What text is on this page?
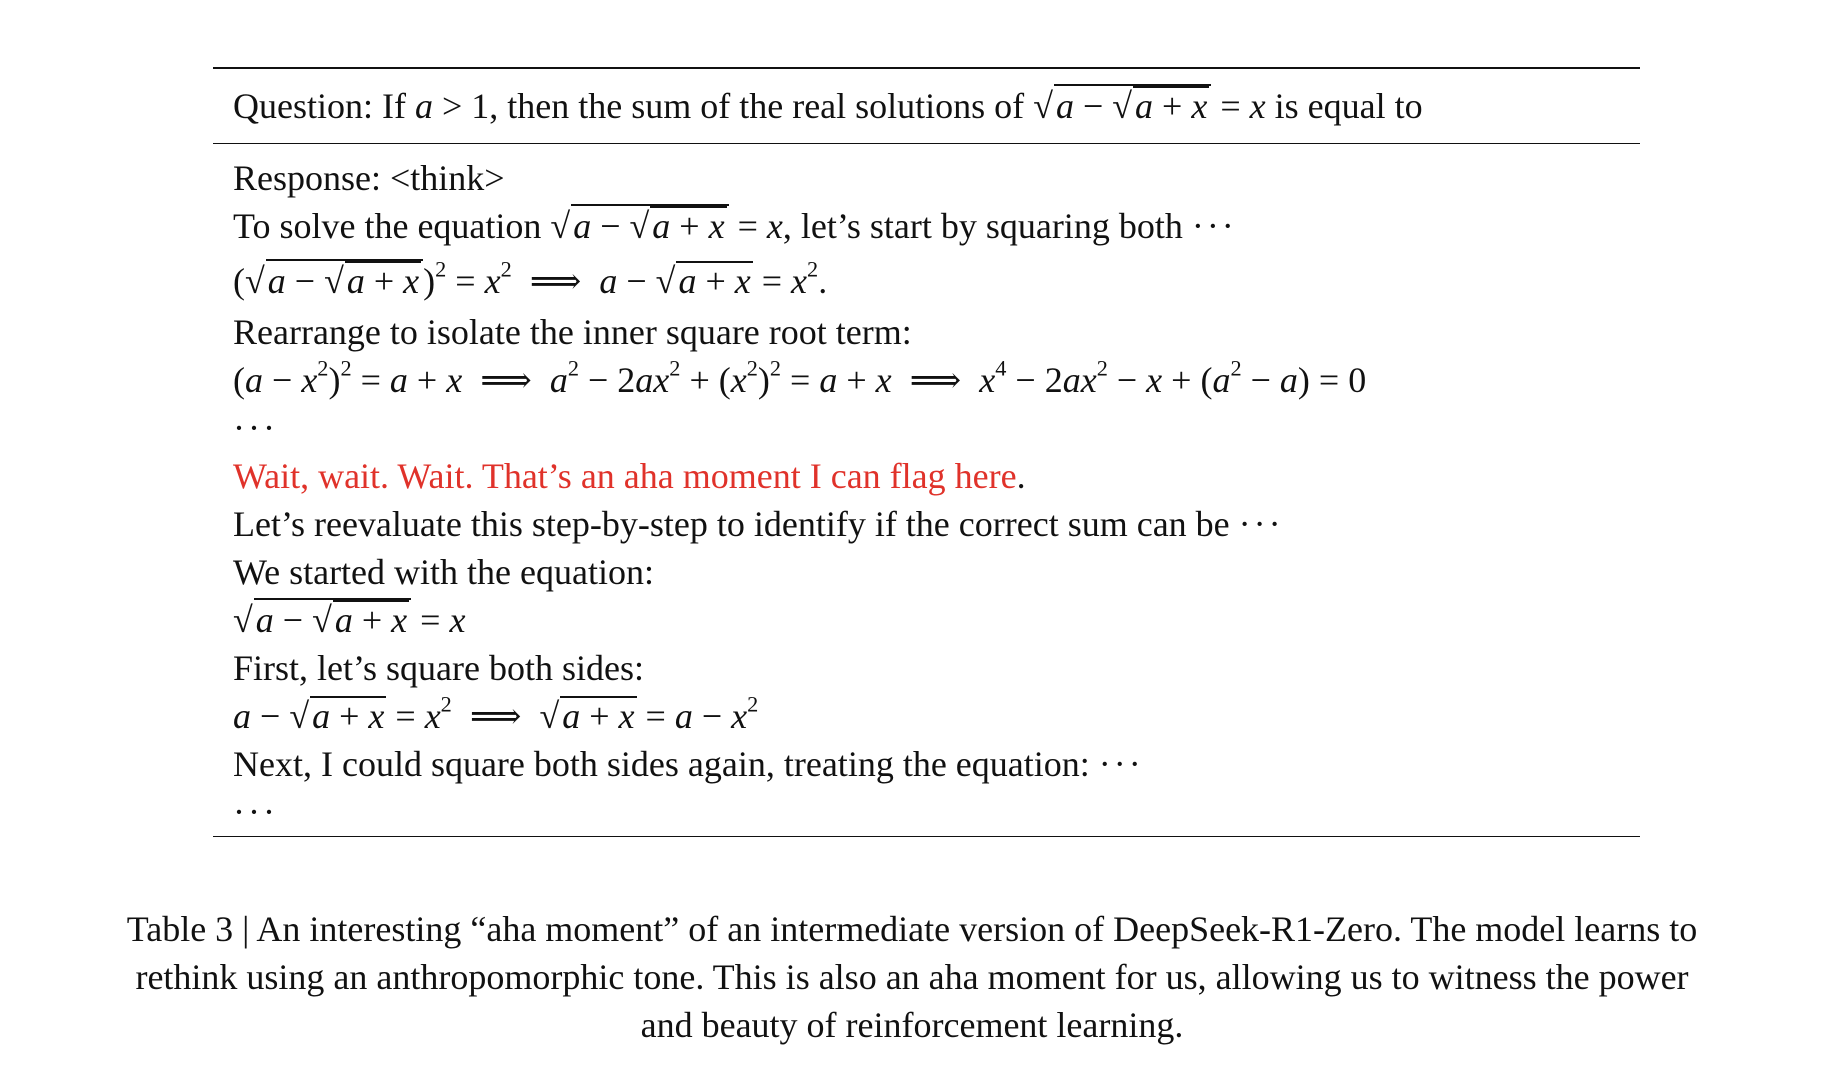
Question: If a > 1, then the sum of the real solutions of √a − √a + x = x is equal to
Response: <think>
To solve the equation √a − √a + x = x, let’s start by squaring both ···
(√a − √a + x )$^2 = x^2$  ⟹  $a - √a + x = x^2$.
Rearrange to isolate the inner square root term:
$(a - x^2)^2 = a + x$  ⟹  $a^2 - 2ax^2 + (x^2)^2 = a + x$  ⟹  $x^4 - 2ax^2 - x + (a^2 - a) = 0$
···
Wait, wait. Wait. That’s an aha moment I can flag here.
Let’s reevaluate this step-by-step to identify if the correct sum can be ···
We started with the equation:
√a − √a + x = x
First, let’s square both sides:
$a - √a + x = x^2$  ⟹  $√a + x = a - x^2$
Next, I could square both sides again, treating the equation: ···
···
Table 3 | An interesting “aha moment” of an intermediate version of DeepSeek-R1-Zero. The model learns to rethink using an anthropomorphic tone. This is also an aha moment for us, allowing us to witness the power and beauty of reinforcement learning.
